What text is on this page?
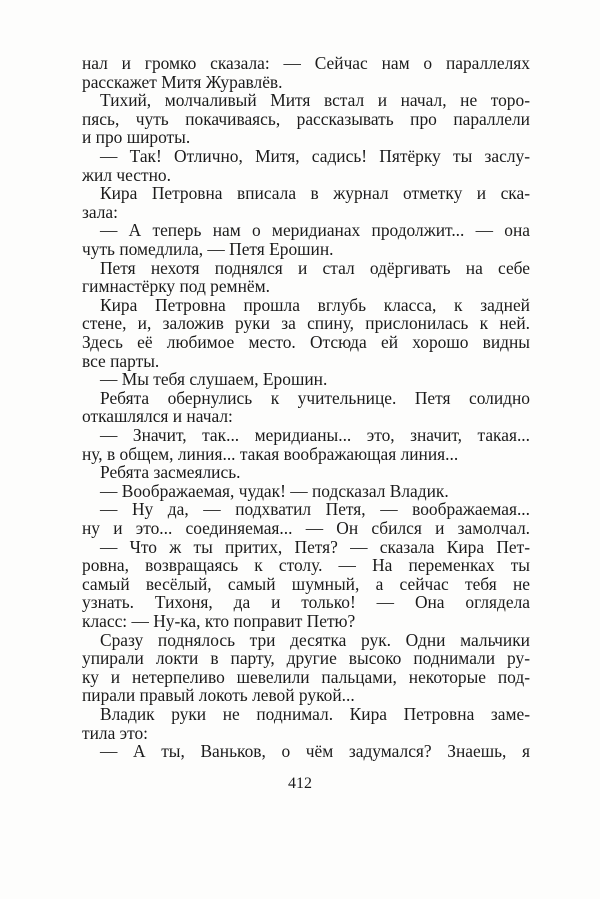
нал и громко сказала: — Сейчас нам о параллелях
расскажет Митя Журавлёв.
Тихий, молчаливый Митя встал и начал, не торо-
пясь, чуть покачиваясь, рассказывать про параллели
и про широты.
— Так! Отлично, Митя, садись! Пятёрку ты заслу-
жил честно.
Кира Петровна вписала в журнал отметку и ска-
зала:
— А теперь нам о меридианах продолжит... — она
чуть помедлила, — Петя Ерошин.
Петя нехотя поднялся и стал одёргивать на себе
гимнастёрку под ремнём.
Кира Петровна прошла вглубь класса, к задней
стене, и, заложив руки за спину, прислонилась к ней.
Здесь её любимое место. Отсюда ей хорошо видны
все парты.
— Мы тебя слушаем, Ерошин.
Ребята обернулись к учительнице. Петя солидно
откашлялся и начал:
— Значит, так... меридианы... это, значит, такая...
ну, в общем, линия... такая воображающая линия...
Ребята засмеялись.
— Воображаемая, чудак! — подсказал Владик.
— Ну да, — подхватил Петя, — воображаемая...
ну и это... соединяемая... — Он сбился и замолчал.
— Что ж ты притих, Петя? — сказала Кира Пет-
ровна, возвращаясь к столу. — На переменках ты
самый весёлый, самый шумный, а сейчас тебя не
узнать. Тихоня, да и только! — Она оглядела
класс: — Ну-ка, кто поправит Петю?
Сразу поднялось три десятка рук. Одни мальчики
упирали локти в парту, другие высоко поднимали ру-
ку и нетерпеливо шевелили пальцами, некоторые под-
пирали правый локоть левой рукой...
Владик руки не поднимал. Кира Петровна заме-
тила это:
— А ты, Ваньков, о чём задумался? Знаешь, я
412
